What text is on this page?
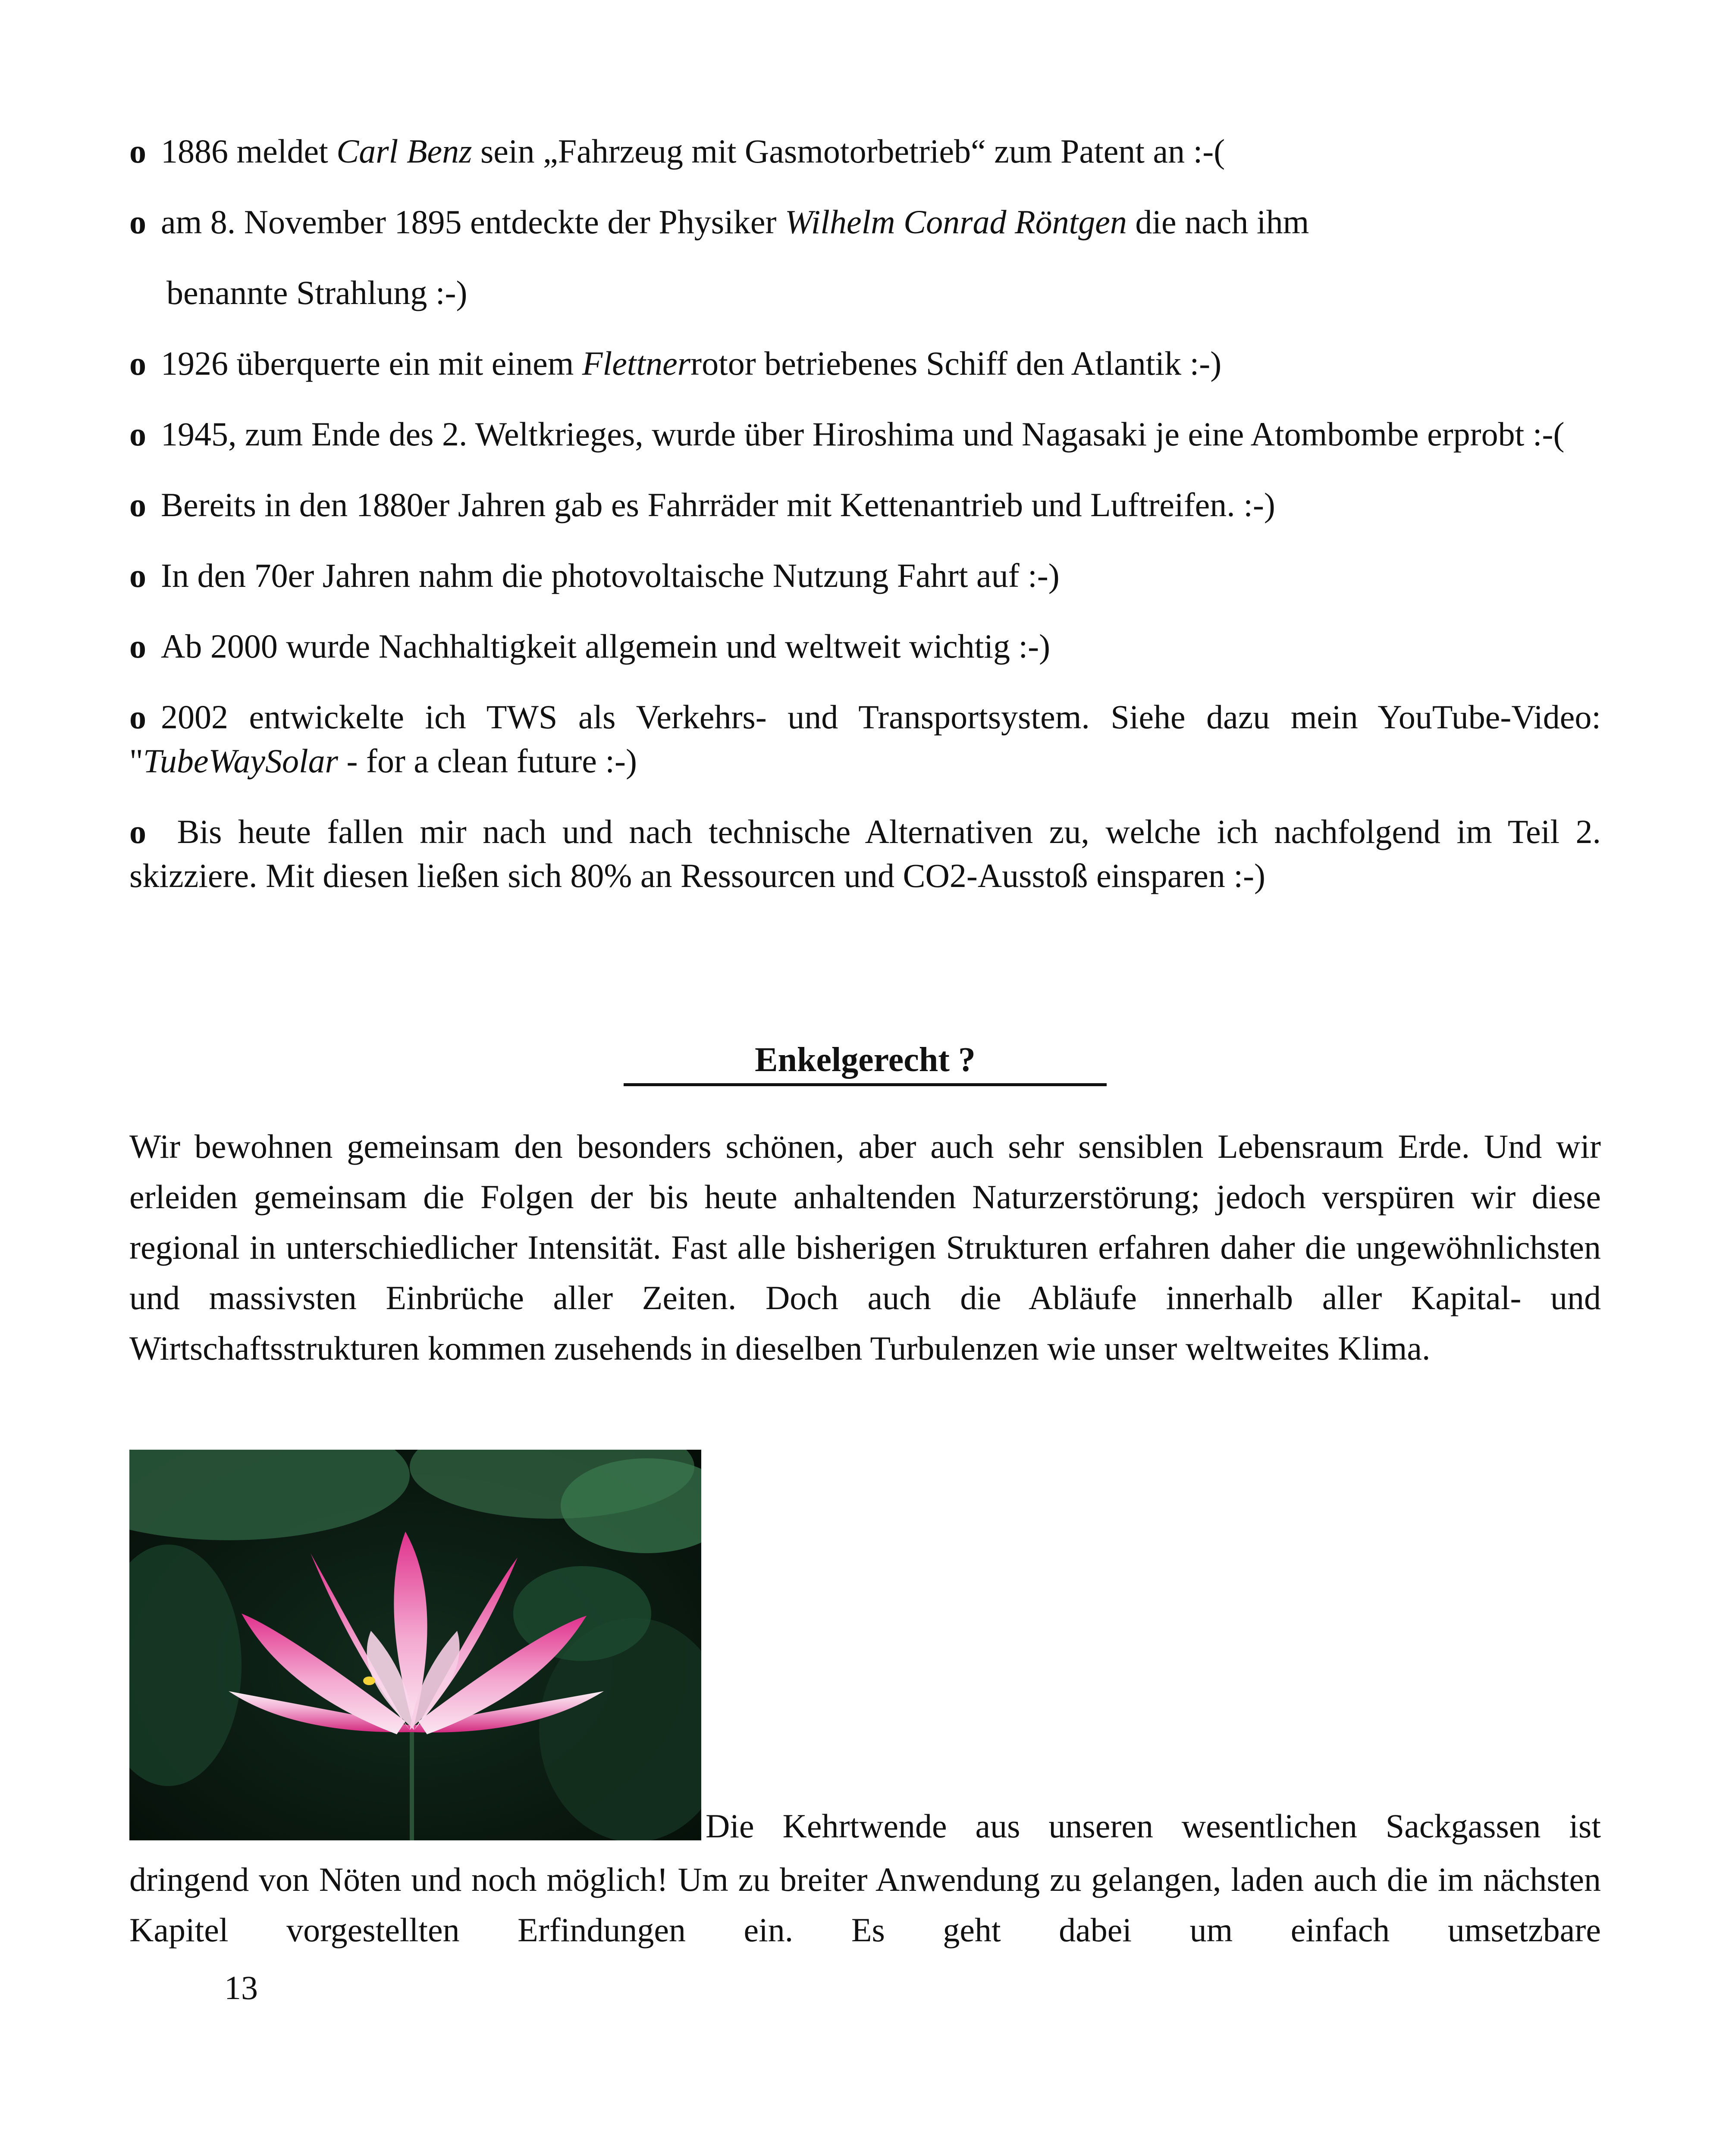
o 1886 meldet Carl Benz sein „Fahrzeug mit Gasmotorbetrieb“ zum Patent an :-(

o am 8. November 1895 entdeckte der Physiker Wilhelm Conrad Röntgen die nach ihm
benannte Strahlung :-)

o 1926 überquerte ein mit einem Flettnerrotor betriebenes Schiff den Atlantik :-)

o 1945, zum Ende des 2. Weltkrieges, wurde über Hiroshima und Nagasaki je eine Atombombe erprobt :-(

o Bereits in den 1880er Jahren gab es Fahrräder mit Kettenantrieb und Luftreifen. :-)

o In den 70er Jahren nahm die photovoltaische Nutzung Fahrt auf :-)

o Ab 2000 wurde Nachhaltigkeit allgemein und weltweit wichtig :-)

o 2002 entwickelte ich TWS als Verkehrs- und Transportsystem. Siehe dazu mein YouTube-Video: "TubeWaySolar - for a clean future :-)

o Bis heute fallen mir nach und nach technische Alternativen zu, welche ich nachfolgend im Teil 2. skizziere. Mit diesen ließen sich 80% an Ressourcen und CO2-Ausstoß einsparen :-)

Enkelgerecht ?

Wir bewohnen gemeinsam den besonders schönen, aber auch sehr sensiblen Lebensraum Erde. Und wir erleiden gemeinsam die Folgen der bis heute anhaltenden Naturzerstörung; jedoch verspüren wir diese regional in unterschiedlicher Intensität. Fast alle bisherigen Strukturen erfahren daher die ungewöhnlichsten und massivsten Einbrüche aller Zeiten. Doch auch die Abläufe innerhalb aller Kapital- und Wirtschaftsstrukturen kommen zusehends in dieselben Turbulenzen wie unser weltweites Klima.

Die Kehrtwende aus unseren wesentlichen Sackgassen ist

dringend von Nöten und noch möglich! Um zu breiter Anwendung zu gelangen, laden auch die im nächsten Kapitel vorgestellten Erfindungen ein. Es geht dabei um einfach umsetzbare

13
